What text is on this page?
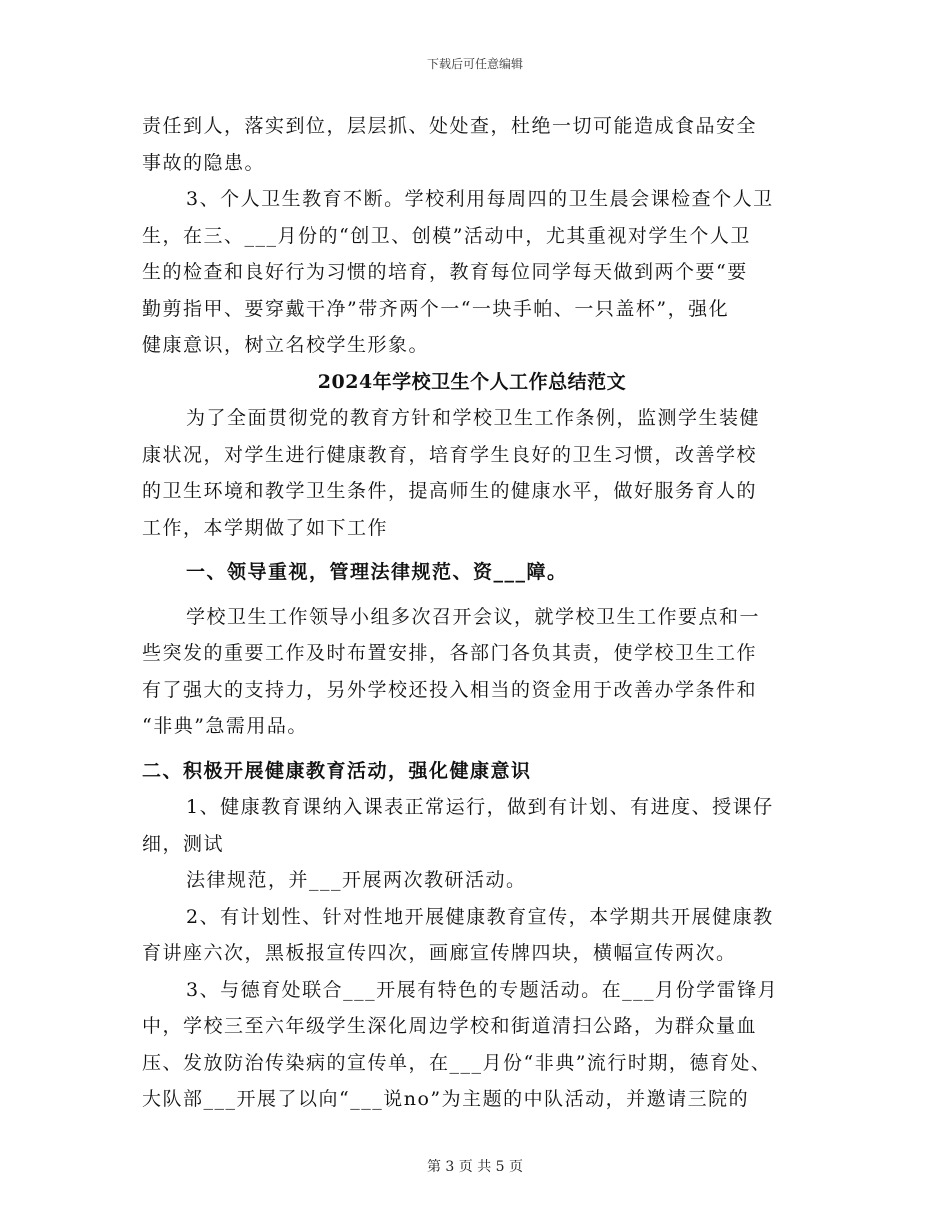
下载后可任意编辑
责任到人，落实到位，层层抓、处处查，杜绝一切可能造成食品安全
事故的隐患。
3、个人卫生教育不断。学校利用每周四的卫生晨会课检查个人卫
生，在三、___月份的“创卫、创模”活动中，尤其重视对学生个人卫
生的检查和良好行为习惯的培育，教育每位同学每天做到两个要“要
勤剪指甲、要穿戴干净”带齐两个一“一块手帕、一只盖杯”，强化
健康意识，树立名校学生形象。
2024年学校卫生个人工作总结范文
为了全面贯彻党的教育方针和学校卫生工作条例，监测学生装健
康状况，对学生进行健康教育，培育学生良好的卫生习惯，改善学校
的卫生环境和教学卫生条件，提高师生的健康水平，做好服务育人的
工作，本学期做了如下工作
一、领导重视，管理法律规范、资___障。
学校卫生工作领导小组多次召开会议，就学校卫生工作要点和一
些突发的重要工作及时布置安排，各部门各负其责，使学校卫生工作
有了强大的支持力，另外学校还投入相当的资金用于改善办学条件和
“非典”急需用品。
二、积极开展健康教育活动，强化健康意识
1、健康教育课纳入课表正常运行，做到有计划、有进度、授课仔
细，测试
法律规范，并___开展两次教研活动。
2、有计划性、针对性地开展健康教育宣传，本学期共开展健康教
育讲座六次，黑板报宣传四次，画廊宣传牌四块，横幅宣传两次。
3、与德育处联合___开展有特色的专题活动。在___月份学雷锋月
中，学校三至六年级学生深化周边学校和街道清扫公路，为群众量血
压、发放防治传染病的宣传单，在___月份“非典”流行时期，德育处、
大队部___开展了以向“___说no”为主题的中队活动，并邀请三院的
第 3 页 共 5 页
